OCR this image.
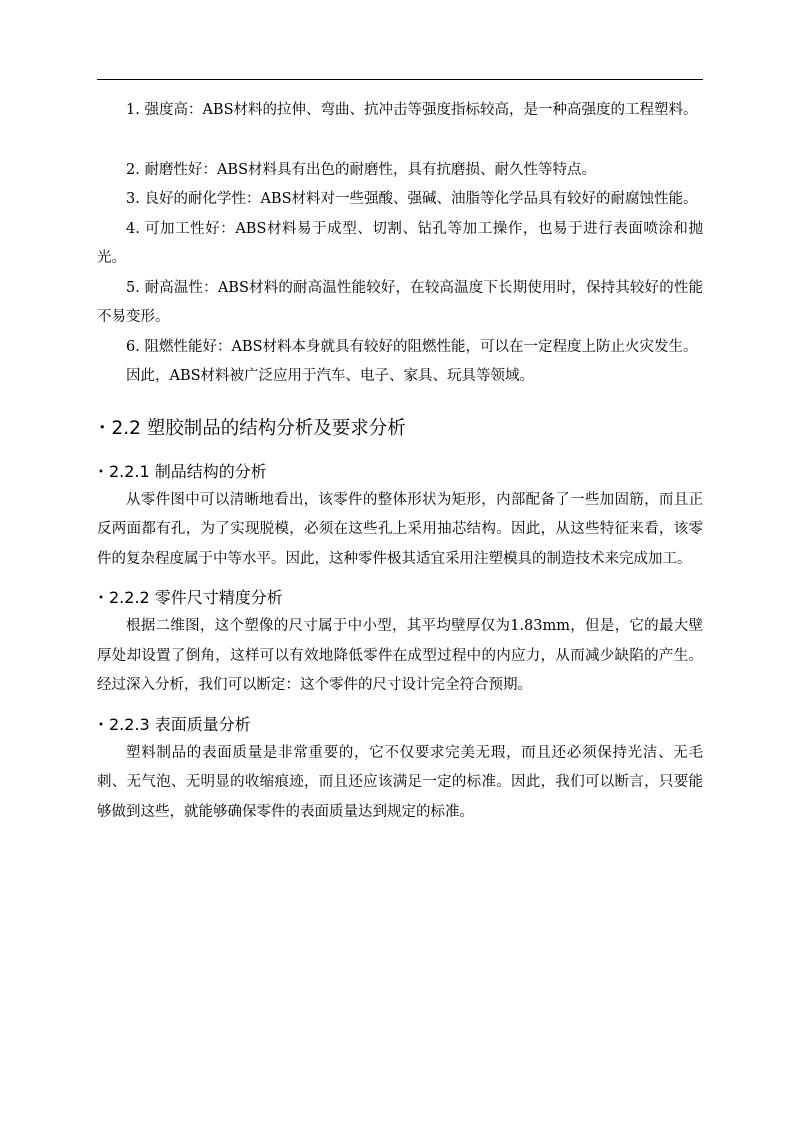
1. 强度高：ABS材料的拉伸、弯曲、抗冲击等强度指标较高，是一种高强度的工程塑料。

2. 耐磨性好：ABS材料具有出色的耐磨性，具有抗磨损、耐久性等特点。

3. 良好的耐化学性：ABS材料对一些强酸、强碱、油脂等化学品具有较好的耐腐蚀性能。

4. 可加工性好：ABS材料易于成型、切割、钻孔等加工操作，也易于进行表面喷涂和抛光。

5. 耐高温性：ABS材料的耐高温性能较好，在较高温度下长期使用时，保持其较好的性能不易变形。

6. 阻燃性能好：ABS材料本身就具有较好的阻燃性能，可以在一定程度上防止火灾发生。

因此，ABS材料被广泛应用于汽车、电子、家具、玩具等领域。

・2.2 塑胶制品的结构分析及要求分析
・2.2.1 制品结构的分析

从零件图中可以清晰地看出，该零件的整体形状为矩形，内部配备了一些加固筋，而且正反两面都有孔，为了实现脱模，必须在这些孔上采用抽芯结构。因此，从这些特征来看，该零件的复杂程度属于中等水平。因此，这种零件极其适宜采用注塑模具的制造技术来完成加工。

・2.2.2 零件尺寸精度分析

根据二维图，这个塑像的尺寸属于中小型，其平均壁厚仅为1.83mm，但是，它的最大壁厚处却设置了倒角，这样可以有效地降低零件在成型过程中的内应力，从而减少缺陷的产生。经过深入分析，我们可以断定：这个零件的尺寸设计完全符合预期。

・2.2.3 表面质量分析

塑料制品的表面质量是非常重要的，它不仅要求完美无瑕，而且还必须保持光洁、无毛刺、无气泡、无明显的收缩痕迹，而且还应该满足一定的标准。因此，我们可以断言，只要能够做到这些，就能够确保零件的表面质量达到规定的标准。
